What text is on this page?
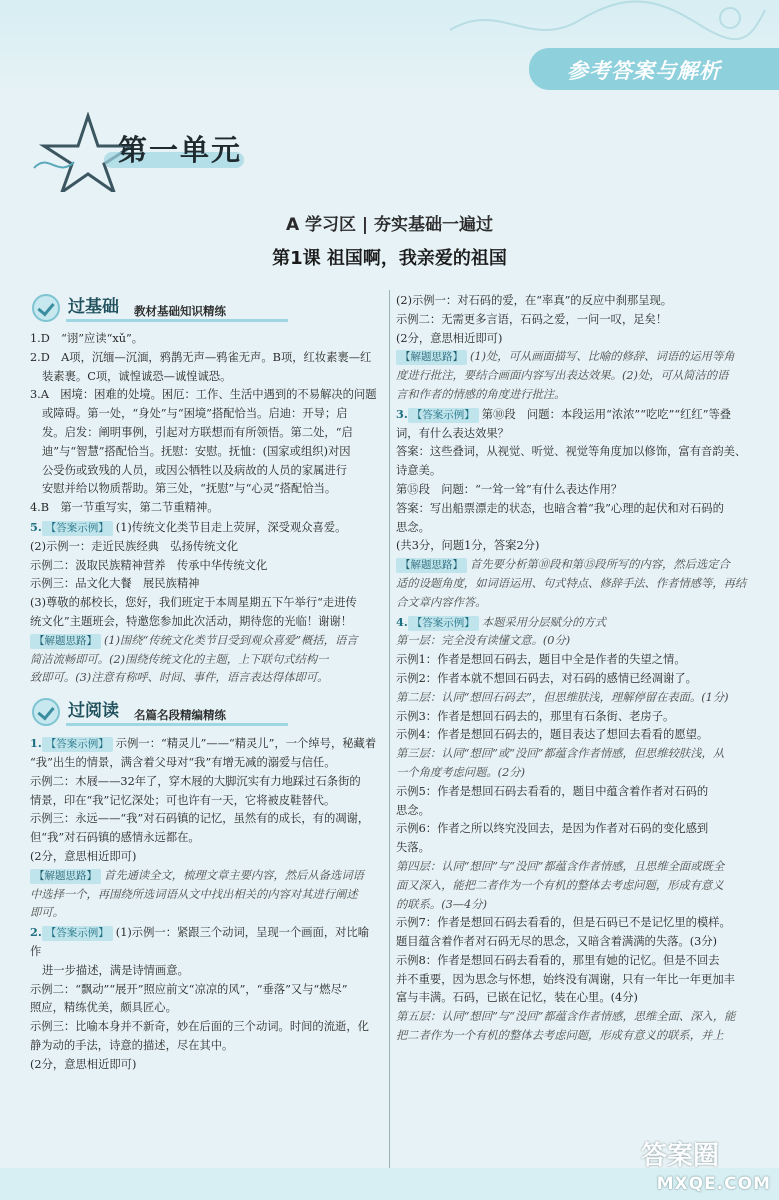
参考答案与解析
第一单元
A 学习区 | 夯实基础一遍过
第1课 祖国啊，我亲爱的祖国
过基础 教材基础知识精练

1.D　“诩”应读“xǔ”。

2.D　A项，沉缅—沉湎，鸦鹊无声—鸦雀无声。B项，红妆素裹—红

装素裹。C项，诚惶诚恐—诚惶诚恐。

3.A　困境：困难的处境。困厄：工作、生活中遇到的不易解决的问题

或障碍。第一处，“身处”与“困境”搭配恰当。启迪：开导；启

发。启发：阐明事例，引起对方联想而有所领悟。第二处，“启

迪”与“智慧”搭配恰当。抚慰：安慰。抚恤：(国家或组织)对因

公受伤或致残的人员，或因公牺牲以及病故的人员的家属进行

安慰并给以物质帮助。第三处，“抚慰”与“心灵”搭配恰当。

4.B　第一节重写实，第二节重精神。

5. 【答案示例】 (1)传统文化类节目走上荧屏，深受观众喜爱。

(2)示例一：走近民族经典　弘扬传统文化

示例二：汲取民族精神营养　传承中华传统文化

示例三：品文化大餐　展民族精神

(3)尊敬的郝校长，您好，我们班定于本周星期五下午举行“走进传

统文化”主题班会，特邀您参加此次活动，期待您的光临！谢谢！

【解题思路】 (1)围绕“传统文化类节目受到观众喜爱”概括，语言

简洁流畅即可。(2)围绕传统文化的主题，上下联句式结构一

致即可。(3)注意有称呼、时间、事件，语言表达得体即可。

过阅读 名篇名段精编精练

1. 【答案示例】 示例一：“精灵儿”——“精灵儿”，一个绰号，秘藏着

“我”出生的情景，满含着父母对“我”有增无减的溺爱与信任。

示例二：木屐——32年了，穿木屐的大脚沉实有力地踩过石条街的

情景，印在“我”记忆深处；可也许有一天，它将被皮鞋替代。

示例三：永远——“我”对石码镇的记忆，虽然有的成长，有的凋谢，

但“我”对石码镇的感情永远都在。

(2分，意思相近即可)

【解题思路】 首先通读全文，梳理文章主要内容，然后从备选词语

中选择一个，再围绕所选词语从文中找出相关的内容对其进行阐述

即可。

2. 【答案示例】 (1)示例一：紧跟三个动词，呈现一个画面，对比喻作

进一步描述，满是诗情画意。

示例二：“飘动”“展开”照应前文“凉凉的风”，“垂落”又与“燃尽”

照应，精练优美，颇具匠心。

示例三：比喻本身并不新奇，妙在后面的三个动词。时间的流逝，化

静为动的手法，诗意的描述，尽在其中。

(2分，意思相近即可)

(2)示例一：对石码的爱，在“率真”的反应中刹那呈现。

示例二：无需更多言语，石码之爱，一问一叹，足矣！

(2分，意思相近即可)

【解题思路】 (1)处，可从画面描写、比喻的修辞、词语的运用等角

度进行批注，要结合画面内容写出表达效果。(2)处，可从简洁的语

言和作者的情感的角度进行批注。

3. 【答案示例】 第⑩段　问题：本段运用“浓浓”“吃吃”“红红”等叠

词，有什么表达效果？

答案：这些叠词，从视觉、听觉、视觉等角度加以修饰，富有音韵美、

诗意美。

第⑮段　问题：“一耸一耸”有什么表达作用？

答案：写出船票漂走的状态，也暗含着“我”心理的起伏和对石码的

思念。

(共3分，问题1分，答案2分)

【解题思路】 首先要分析第⑩段和第⑮段所写的内容，然后选定合

适的设题角度，如词语运用、句式特点、修辞手法、作者情感等，再结

合文章内容作答。

4. 【答案示例】 本题采用分层赋分的方式

第一层：完全没有读懂文意。(0分)

示例1：作者是想回石码去，题目中全是作者的失望之情。

示例2：作者本就不想回石码去，对石码的感情已经凋谢了。

第二层：认同“想回石码去”，但思维肤浅，理解停留在表面。(1分)

示例3：作者是想回石码去的，那里有石条街、老房子。

示例4：作者是想回石码去的，题目表达了想回去看看的愿望。

第三层：认同“想回”或“没回”都蕴含作者情感，但思维较肤浅，从

一个角度考虑问题。(2分)

示例5：作者是想回石码去看看的，题目中蕴含着作者对石码的

思念。

示例6：作者之所以终究没回去，是因为作者对石码的变化感到

失落。

第四层：认同“想回”与“没回”都蕴含作者情感，且思维全面或既全

面又深入，能把二者作为一个有机的整体去考虑问题，形成有意义

的联系。(3—4分)

示例7：作者是想回石码去看看的，但是石码已不是记忆里的模样。

题目蕴含着作者对石码无尽的思念，又暗含着满满的失落。(3分)

示例8：作者是想回石码去看看的，那里有她的记忆。但是不回去

并不重要，因为思念与怀想，始终没有凋谢，只有一年比一年更加丰

富与丰满。石码，已嵌在记忆，装在心里。(4分)

第五层：认同“想回”与“没回”都蕴含作者情感，思维全面、深入，能

把二者作为一个有机的整体去考虑问题，形成有意义的联系，并上

答案圈
MXQE.COM
